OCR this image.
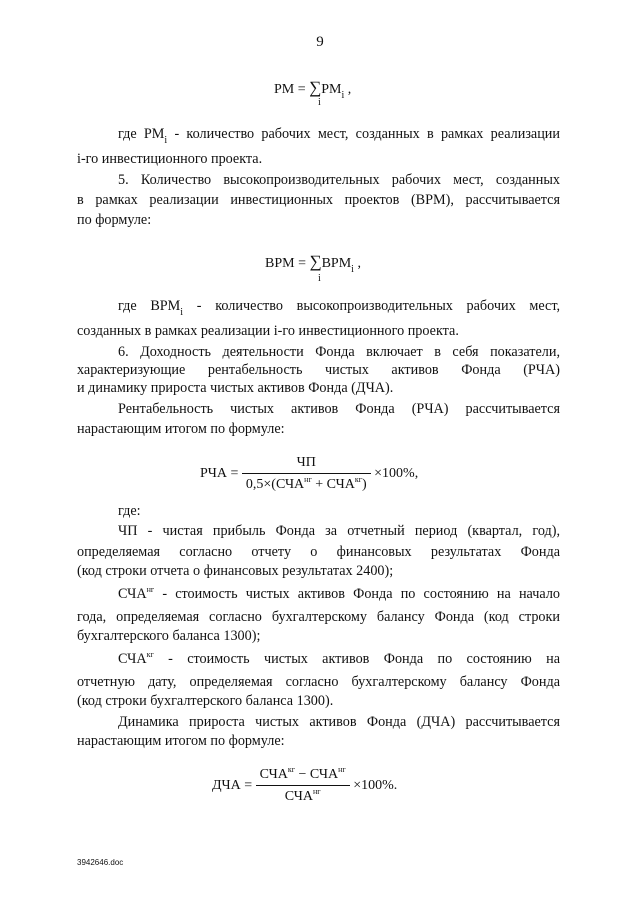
9
РМ = $\sum РМ_i$ ,
i
где $РМ_i$ - количество рабочих мест, созданных в рамках реализации
i-го инвестиционного проекта.
5. Количество высокопроизводительных рабочих мест, созданных
в рамках реализации инвестиционных проектов (ВРМ), рассчитывается
по формуле:
ВРМ = $\sum ВРМ_i$ ,
i
где $ВРМ_i$ - количество высокопроизводительных рабочих мест,
созданных в рамках реализации i-го инвестиционного проекта.
6. Доходность деятельности Фонда включает в себя показатели,
характеризующие рентабельность чистых активов Фонда (РЧА)
и динамику прироста чистых активов Фонда (ДЧА).
Рентабельность чистых активов Фонда (РЧА) рассчитывается
нарастающим итогом по формуле:
РЧА = $\frac{ЧП}{0,5\times(СЧА^{нг} + СЧА^{кг})} \times 100\%$,
где:
ЧП - чистая прибыль Фонда за отчетный период (квартал, год),
определяемая согласно отчету о финансовых результатах Фонда
(код строки отчета о финансовых результатах 2400);
$СЧА^{нг}$ - стоимость чистых активов Фонда по состоянию на начало
года, определяемая согласно бухгалтерскому балансу Фонда (код строки
бухгалтерского баланса 1300);
$СЧА^{кг}$ - стоимость чистых активов Фонда по состоянию на
отчетную дату, определяемая согласно бухгалтерскому балансу Фонда
(код строки бухгалтерского баланса 1300).
Динамика прироста чистых активов Фонда (ДЧА) рассчитывается
нарастающим итогом по формуле:
ДЧА = $\frac{СЧА^{кг} - СЧА^{нг}}{СЧА^{нг}} \times 100\%$.
3942646.doc
